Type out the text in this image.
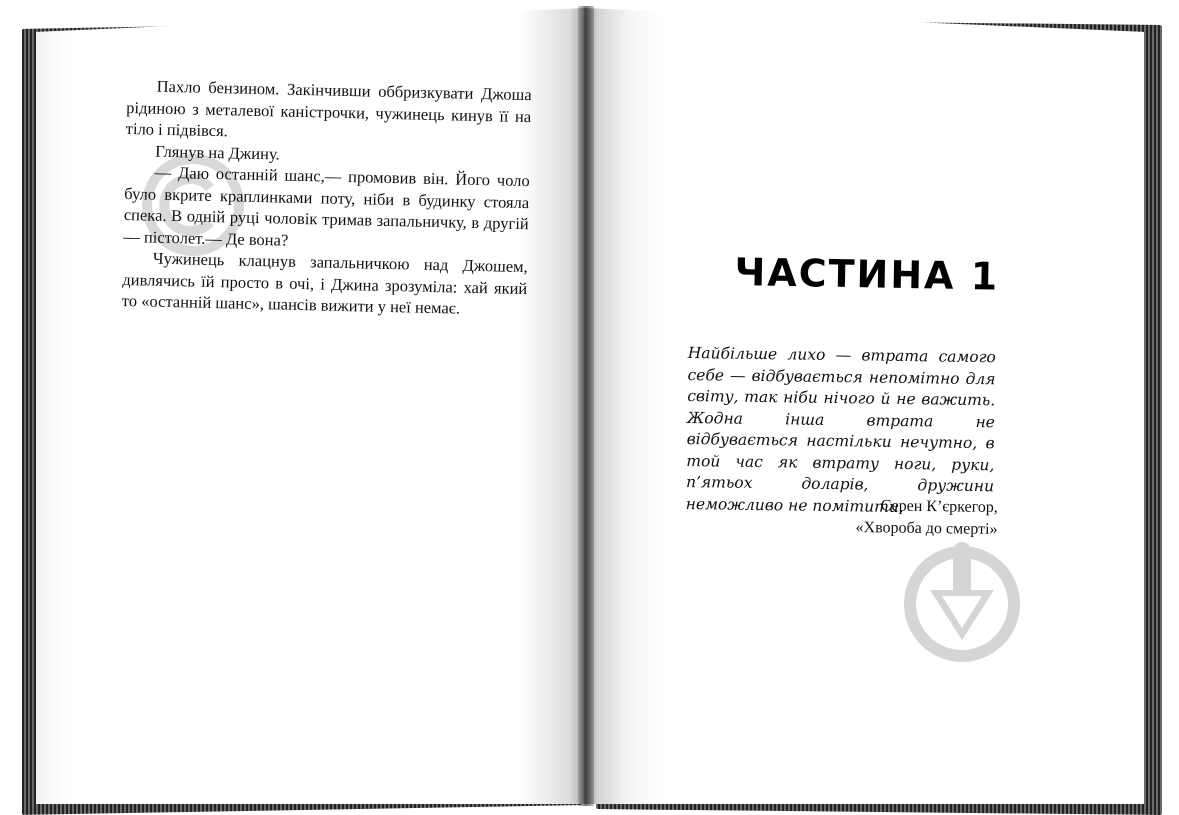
Пахло бензином. Закінчивши оббризкувати Джоша рідиною з металевої каністрочки, чужинець кинув її на тіло і підвівся.

Глянув на Джину.

— Даю останній шанс,— промовив він. Його чоло було вкрите краплинками поту, ніби в будинку стояла спека. В одній руці чоловік тримав запальничку, в другій — пістолет.— Де вона?

Чужинець клацнув запальничкою над Джошем, дивлячись їй просто в очі, і Джина зрозуміла: хай який то «останній шанс», шансів вижити у неї немає.

ЧАСТИНА 1
Найбільше лихо — втрата самого себе — відбувається непомітно для світу, так ніби нічого й не важить. Жодна інша втрата не відбувається настільки нечутно, в той час як втрату ноги, руки, п’ятьох доларів, дружини неможливо не помітити.
Серен К’єркегор,
«Хвороба до смерті»
